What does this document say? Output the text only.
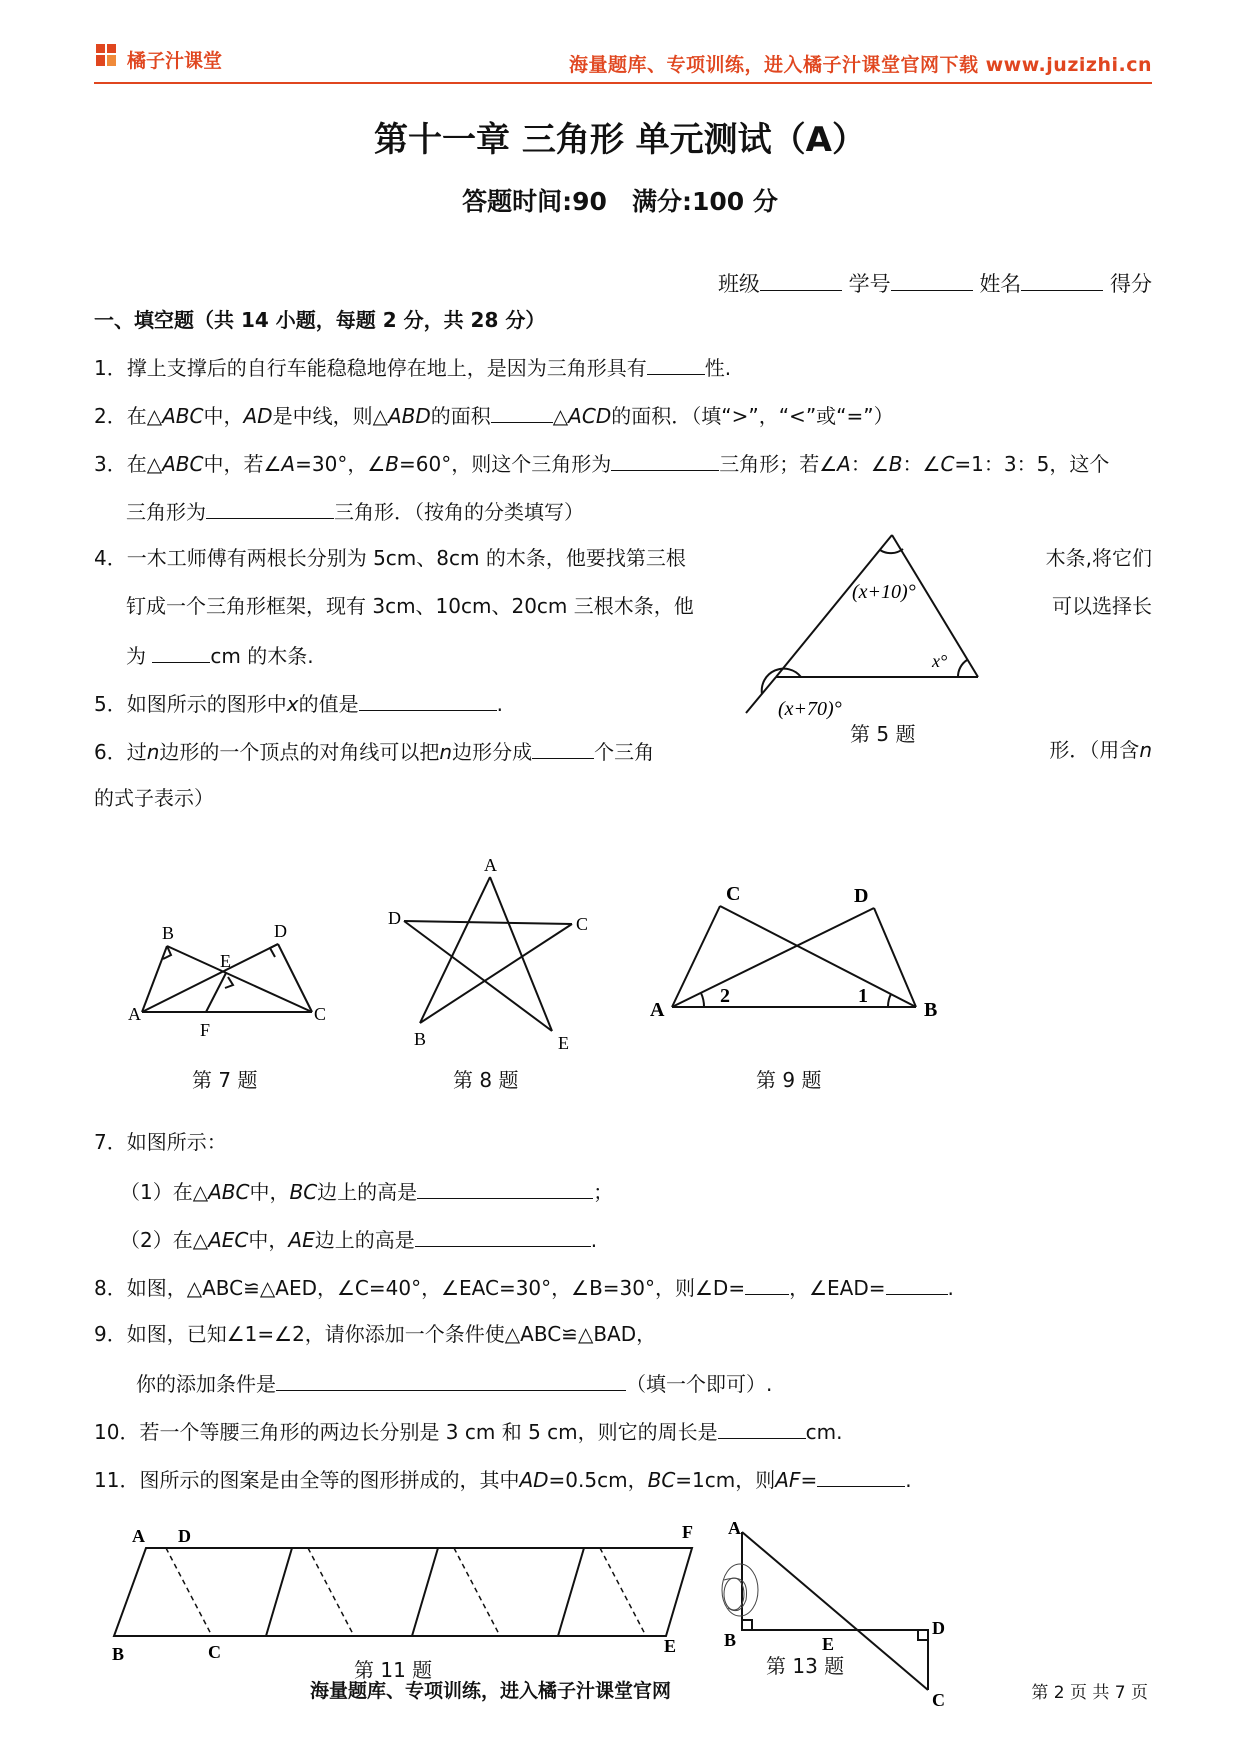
橘子汁课堂	海量题库、专项训练，进入橘子汁课堂官网下载 www.juzizhi.cn
第十一章 三角形 单元测试（A）
答题时间:90　满分:100 分
班级	学号	姓名	得分
一、填空题（共 14 小题，每题 2 分，共 28 分）
1．撑上支撑后的自行车能稳稳地停在地上，是因为三角形具有	性.
2．在△ABC中，AD是中线，则△ABD的面积	△ACD的面积．（填“>”，“<”或“=”）
3．在△ABC中，若∠A=30°，∠B=60°，则这个三角形为	三角形；若∠A：∠B：∠C=1：3：5，这个
三角形为	三角形．（按角的分类填写）
4．一木工师傅有两根长分别为 5cm、8cm 的木条，他要找第三根	木条,将它们
钉成一个三角形框架，现有 3cm、10cm、20cm 三根木条，他	可以选择长
为	cm 的木条.
5．如图所示的图形中x的值是	.
6．过n边形的一个顶点的对角线可以把n边形分成	个三角	形．（用含n
的式子表示）
(x+10)°
x°
(x+70)°
第 5 题
A
B
C
D
E
F
第 7 题
A
B
C
D
E
第 8 题
A	B
C	D
2	1
第 9 题
7．如图所示：
（1）在△ABC中，BC边上的高是	；
（2）在△AEC中，AE边上的高是	.
8．如图，△ABC≌△AED，∠C=40°，∠EAC=30°，∠B=30°，则∠D= ，∠EAD=	.
9．如图，已知∠1=∠2，请你添加一个条件使△ABC≌△BAD，
你的添加条件是	（填一个即可）.
10．若一个等腰三角形的两边长分别是 3 cm 和 5 cm，则它的周长是	cm.
11．图所示的图案是由全等的图形拼成的，其中AD=0.5cm，BC=1cm，则AF=	.
A D	F
B	C	E
第 11 题
A
B
C
D
E
第 13 题
海量题库、专项训练，进入橘子汁课堂官网	第 2 页 共 7 页
